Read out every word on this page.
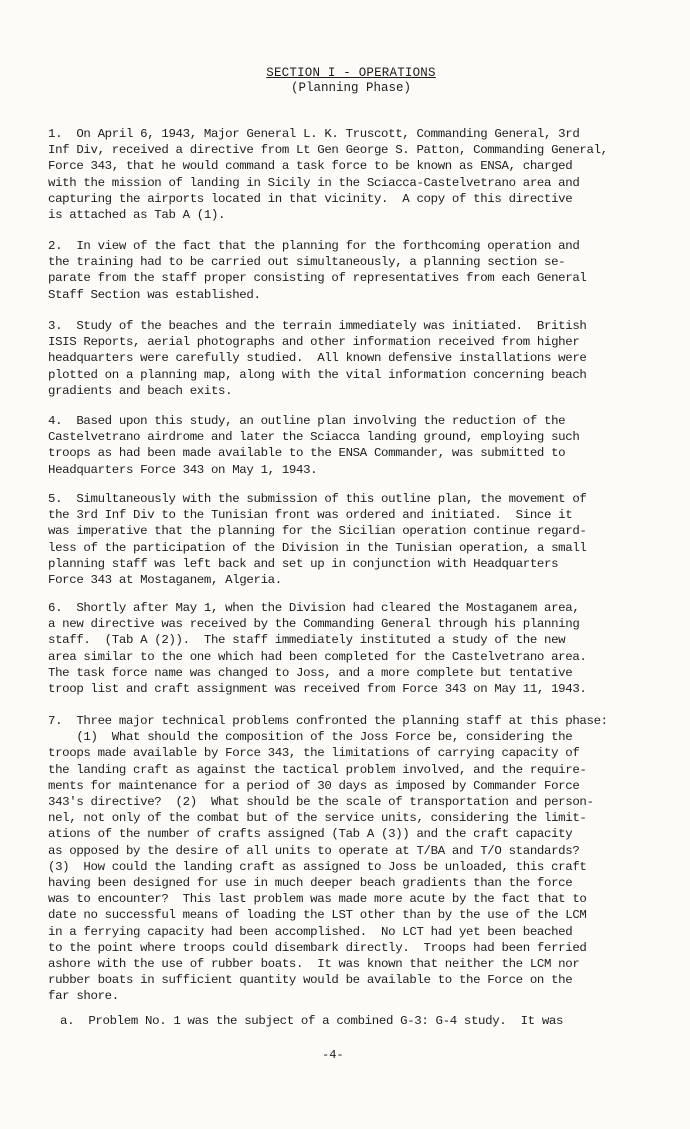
SECTION I - OPERATIONS
(Planning Phase)

1.  On April 6, 1943, Major General L. K. Truscott, Commanding General, 3rd
Inf Div, received a directive from Lt Gen George S. Patton, Commanding General,
Force 343, that he would command a task force to be known as ENSA, charged
with the mission of landing in Sicily in the Sciacca-Castelvetrano area and
capturing the airports located in that vicinity.  A copy of this directive
is attached as Tab A (1).

2.  In view of the fact that the planning for the forthcoming operation and
the training had to be carried out simultaneously, a planning section se-
parate from the staff proper consisting of representatives from each General
Staff Section was established.

3.  Study of the beaches and the terrain immediately was initiated.  British
ISIS Reports, aerial photographs and other information received from higher
headquarters were carefully studied.  All known defensive installations were
plotted on a planning map, along with the vital information concerning beach
gradients and beach exits.

4.  Based upon this study, an outline plan involving the reduction of the
Castelvetrano airdrome and later the Sciacca landing ground, employing such
troops as had been made available to the ENSA Commander, was submitted to
Headquarters Force 343 on May 1, 1943.

5.  Simultaneously with the submission of this outline plan, the movement of
the 3rd Inf Div to the Tunisian front was ordered and initiated.  Since it
was imperative that the planning for the Sicilian operation continue regard-
less of the participation of the Division in the Tunisian operation, a small
planning staff was left back and set up in conjunction with Headquarters
Force 343 at Mostaganem, Algeria.

6.  Shortly after May 1, when the Division had cleared the Mostaganem area,
a new directive was received by the Commanding General through his planning
staff.  (Tab A (2)).  The staff immediately instituted a study of the new
area similar to the one which had been completed for the Castelvetrano area.
The task force name was changed to Joss, and a more complete but tentative
troop list and craft assignment was received from Force 343 on May 11, 1943.

7.  Three major technical problems confronted the planning staff at this phase:
(1)  What should the composition of the Joss Force be, considering the
troops made available by Force 343, the limitations of carrying capacity of
the landing craft as against the tactical problem involved, and the require-
ments for maintenance for a period of 30 days as imposed by Commander Force
343's directive?  (2)  What should be the scale of transportation and person-
nel, not only of the combat but of the service units, considering the limit-
ations of the number of crafts assigned (Tab A (3)) and the craft capacity
as opposed by the desire of all units to operate at T/BA and T/O standards?
(3)  How could the landing craft as assigned to Joss be unloaded, this craft
having been designed for use in much deeper beach gradients than the force
was to encounter?  This last problem was made more acute by the fact that to
date no successful means of loading the LST other than by the use of the LCM
in a ferrying capacity had been accomplished.  No LCT had yet been beached
to the point where troops could disembark directly.  Troops had been ferried
ashore with the use of rubber boats.  It was known that neither the LCM nor
rubber boats in sufficient quantity would be available to the Force on the
far shore.

a.  Problem No. 1 was the subject of a combined G-3: G-4 study.  It was

-4-
